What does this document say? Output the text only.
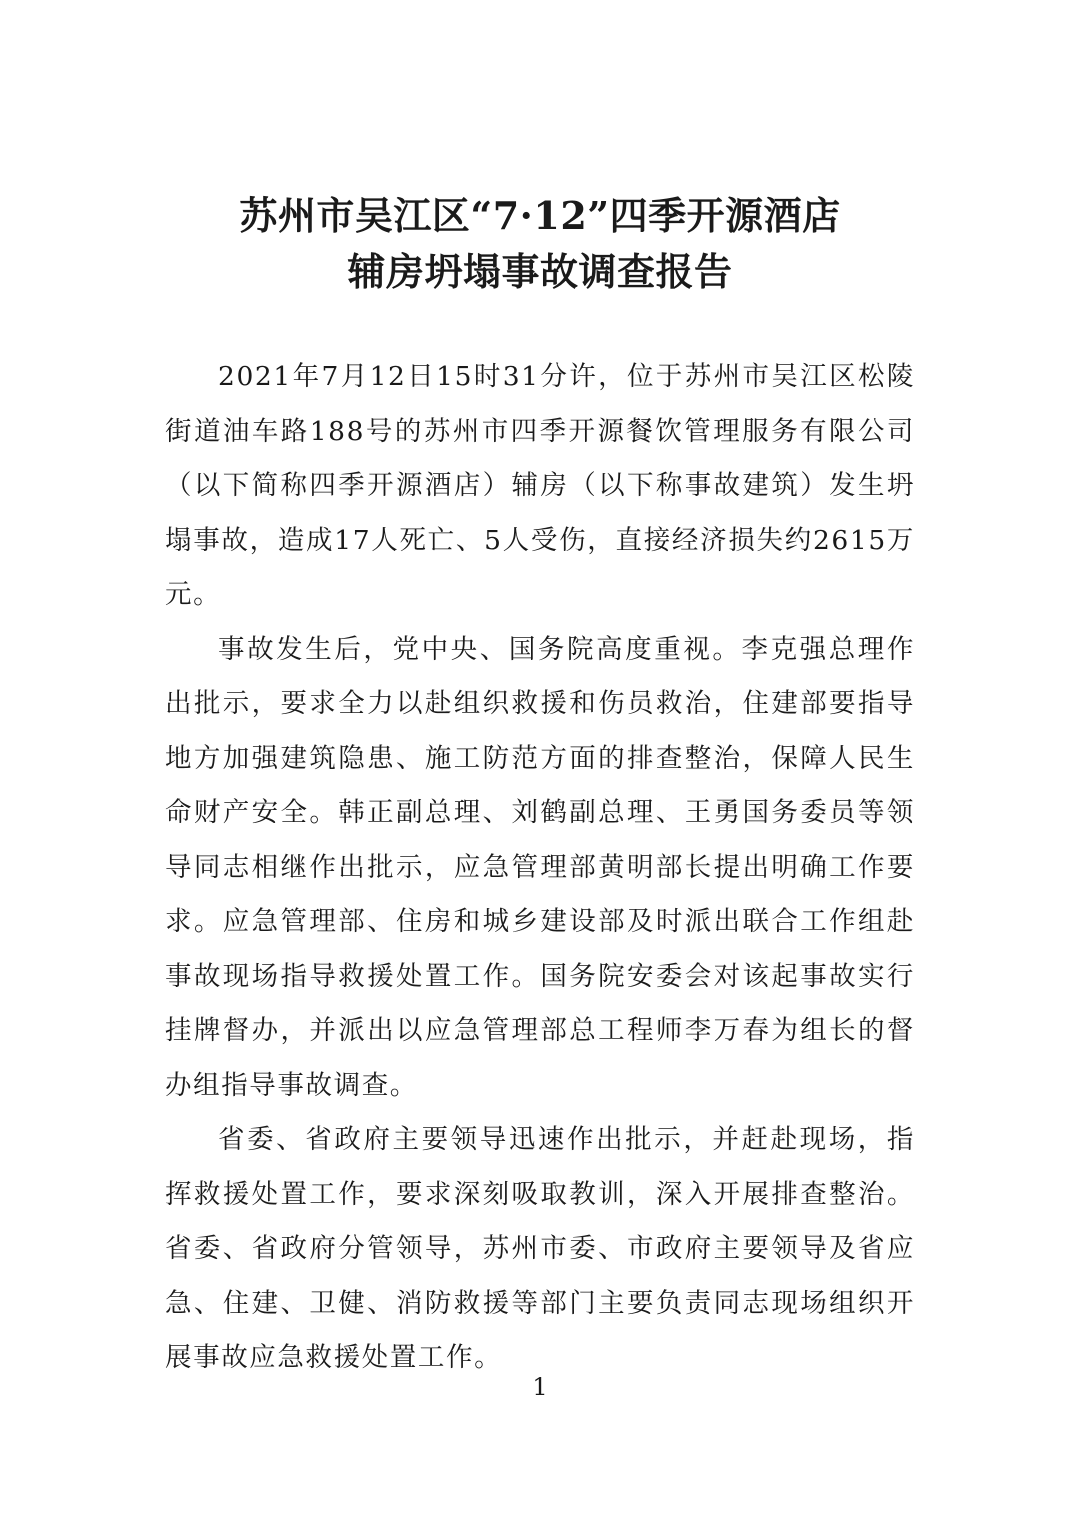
苏州市吴江区“7·12”四季开源酒店
辅房坍塌事故调查报告

2021年7月12日15时31分许，位于苏州市吴江区松陵街道油车路188号的苏州市四季开源餐饮管理服务有限公司（以下简称四季开源酒店）辅房（以下称事故建筑）发生坍塌事故，造成17人死亡、5人受伤，直接经济损失约2615万元。

事故发生后，党中央、国务院高度重视。李克强总理作出批示，要求全力以赴组织救援和伤员救治，住建部要指导地方加强建筑隐患、施工防范方面的排查整治，保障人民生命财产安全。韩正副总理、刘鹤副总理、王勇国务委员等领导同志相继作出批示，应急管理部黄明部长提出明确工作要求。应急管理部、住房和城乡建设部及时派出联合工作组赴事故现场指导救援处置工作。国务院安委会对该起事故实行挂牌督办，并派出以应急管理部总工程师李万春为组长的督办组指导事故调查。

省委、省政府主要领导迅速作出批示，并赶赴现场，指挥救援处置工作，要求深刻吸取教训，深入开展排查整治。省委、省政府分管领导，苏州市委、市政府主要领导及省应急、住建、卫健、消防救援等部门主要负责同志现场组织开展事故应急救援处置工作。

1
